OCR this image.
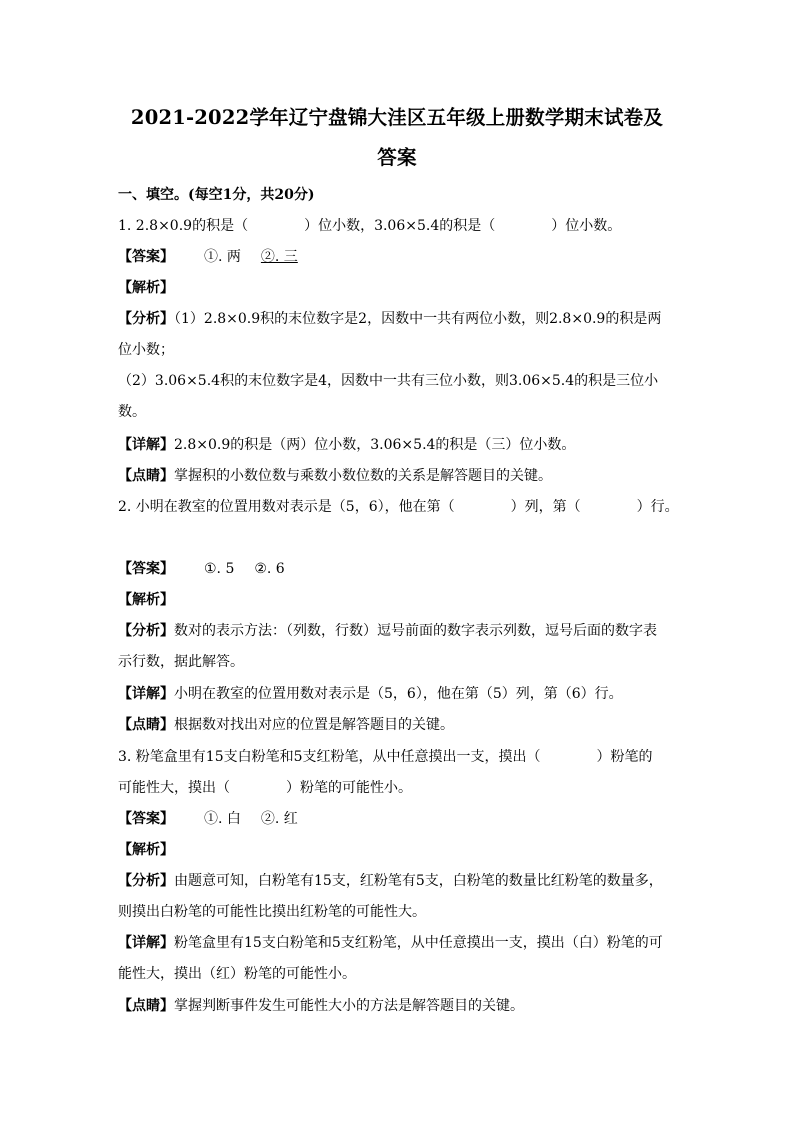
2021-2022学年辽宁盘锦大洼区五年级上册数学期末试卷及
答案
一、填空。(每空1分，共20分)
1. 2.8×0.9的积是（　　　　）位小数，3.06×5.4的积是（　　　　）位小数。
【答案】 ①. 两 ②. 三
【解析】
【分析】（1）2.8×0.9积的末位数字是2，因数中一共有两位小数，则2.8×0.9的积是两
位小数；
（2）3.06×5.4积的末位数字是4，因数中一共有三位小数，则3.06×5.4的积是三位小
数。
【详解】2.8×0.9的积是（两）位小数，3.06×5.4的积是（三）位小数。
【点睛】掌握积的小数位数与乘数小数位数的关系是解答题目的关键。
2. 小明在教室的位置用数对表示是（5，6），他在第（　　　　）列，第（　　　　）行。
【答案】 ①. 5 ②. 6
【解析】
【分析】数对的表示方法：（列数，行数）逗号前面的数字表示列数，逗号后面的数字表
示行数，据此解答。
【详解】小明在教室的位置用数对表示是（5，6），他在第（5）列，第（6）行。
【点睛】根据数对找出对应的位置是解答题目的关键。
3. 粉笔盒里有15支白粉笔和5支红粉笔，从中任意摸出一支，摸出（　　　　）粉笔的
可能性大，摸出（　　　　）粉笔的可能性小。
【答案】 ①. 白 ②. 红
【解析】
【分析】由题意可知，白粉笔有15支，红粉笔有5支，白粉笔的数量比红粉笔的数量多，
则摸出白粉笔的可能性比摸出红粉笔的可能性大。
【详解】粉笔盒里有15支白粉笔和5支红粉笔，从中任意摸出一支，摸出（白）粉笔的可
能性大，摸出（红）粉笔的可能性小。
【点睛】掌握判断事件发生可能性大小的方法是解答题目的关键。
